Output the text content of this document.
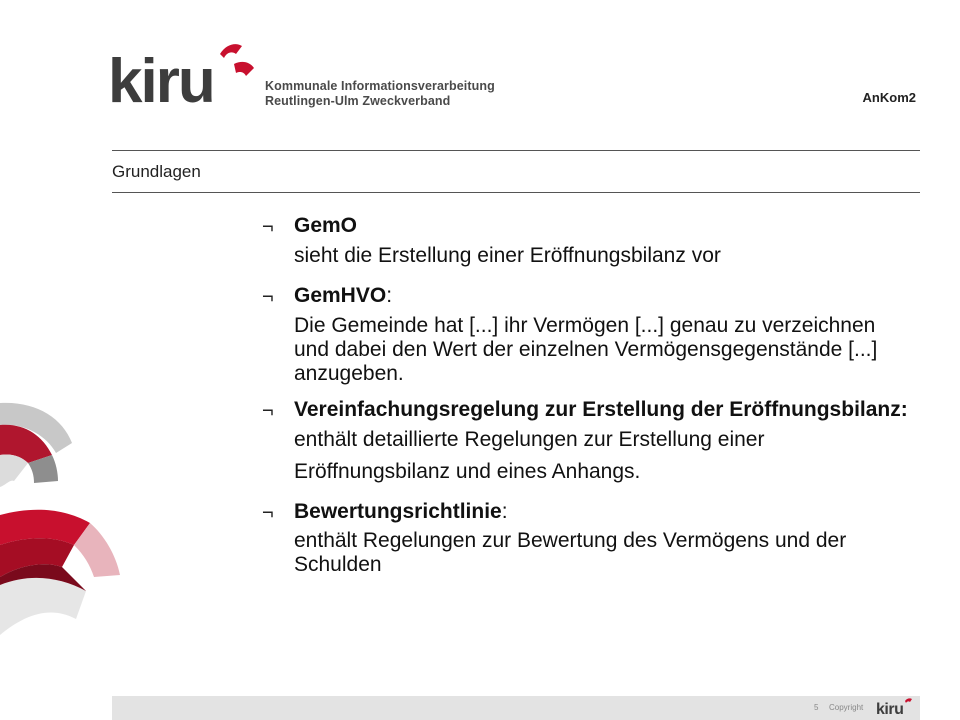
kiru	Kommunale Informationsverarbeitung
Reutlingen-Ulm Zweckverband	AnKom2
Grundlagen
¬ GemO
sieht die Erstellung einer Eröffnungsbilanz vor
¬ GemHVO:
Die Gemeinde hat [...] ihr Vermögen [...] genau zu verzeichnen und dabei den Wert der einzelnen Vermögensgegenstände [...] anzugeben.
¬ Vereinfachungsregelung zur Erstellung der Eröffnungsbilanz:
enthält detaillierte Regelungen zur Erstellung einer Eröffnungsbilanz und eines Anhangs.
¬ Bewertungsrichtlinie:
enthält Regelungen zur Bewertung des Vermögens und der Schulden
5 Copyright kiru
